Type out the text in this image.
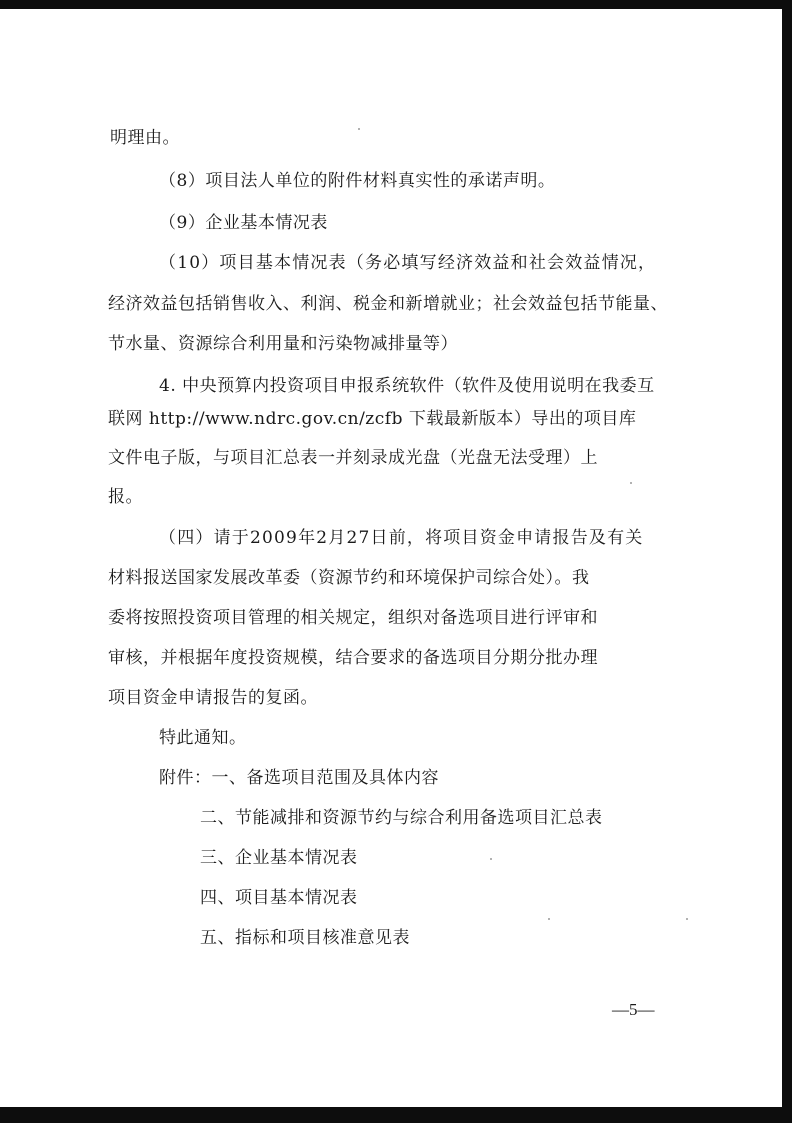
明理由。
（8）项目法人单位的附件材料真实性的承诺声明。
（9）企业基本情况表
（10）项目基本情况表（务必填写经济效益和社会效益情况，
经济效益包括销售收入、利润、税金和新增就业；社会效益包括节能量、
节水量、资源综合利用量和污染物减排量等）
4. 中央预算内投资项目申报系统软件（软件及使用说明在我委互
联网 http://www.ndrc.gov.cn/zcfb 下载最新版本）导出的项目库
文件电子版，与项目汇总表一并刻录成光盘（光盘无法受理）上
报。
（四）请于2009年2月27日前，将项目资金申请报告及有关
材料报送国家发展改革委（资源节约和环境保护司综合处）。我
委将按照投资项目管理的相关规定，组织对备选项目进行评审和
审核，并根据年度投资规模，结合要求的备选项目分期分批办理
项目资金申请报告的复函。
特此通知。
附件：一、备选项目范围及具体内容
二、节能减排和资源节约与综合利用备选项目汇总表
三、企业基本情况表
四、项目基本情况表
五、指标和项目核准意见表
—5—
